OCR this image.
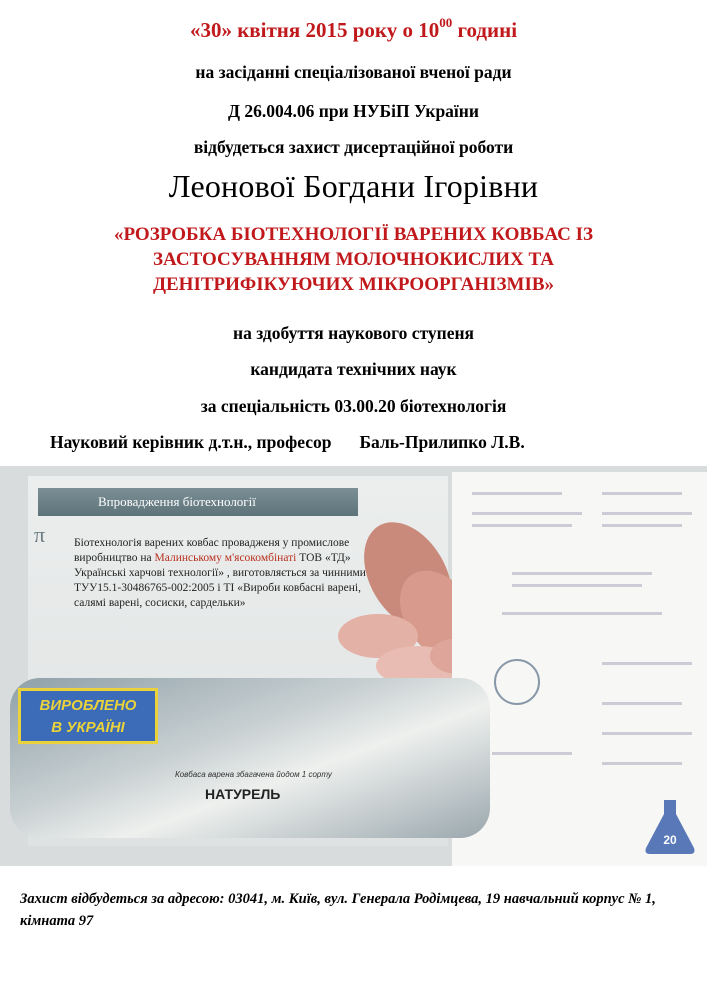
«30» квітня 2015 року о $10^{00}$ годині
на засіданні спеціалізованої вченої ради
Д 26.004.06 при НУБіП України
відбудеться захист дисертаційної роботи
Леонової Богдани Ігорівни
«РОЗРОБКА БІОТЕХНОЛОГІЇ ВАРЕНИХ КОВБАС ІЗ
ЗАСТОСУВАННЯМ МОЛОЧНОКИСЛИХ ТА
ДЕНІТРИФІКУЮЧИХ МІКРООРГАНІЗМІВ»
на здобуття наукового ступеня
кандидата технічних наук
за спеціальність 03.00.20 біотехнологія
Науковий керівник д.т.н., професор Баль-Прилипко Л.В.
Впровадження біотехнології
π	Біотехнологія варених ковбас провадженя у промислове виробництво на Малинському м'ясокомбінаті ТОВ «ТД» Українські харчові технології» , виготовляється за чинними ТУУ15.1-30486765-002:2005 і ТІ «Вироби ковбасні варені, салямі варені, сосиски, сардельки»
ВИРОБЛЕНО
В УКРАЇНІ
Ковбаса варена збагачена йодом 1 сорту
НАТУРЕЛЬ
20
Захист відбудеться за адресою: 03041, м. Київ, вул. Генерала Родімцева, 19 навчальний корпус № 1, кімната 97
